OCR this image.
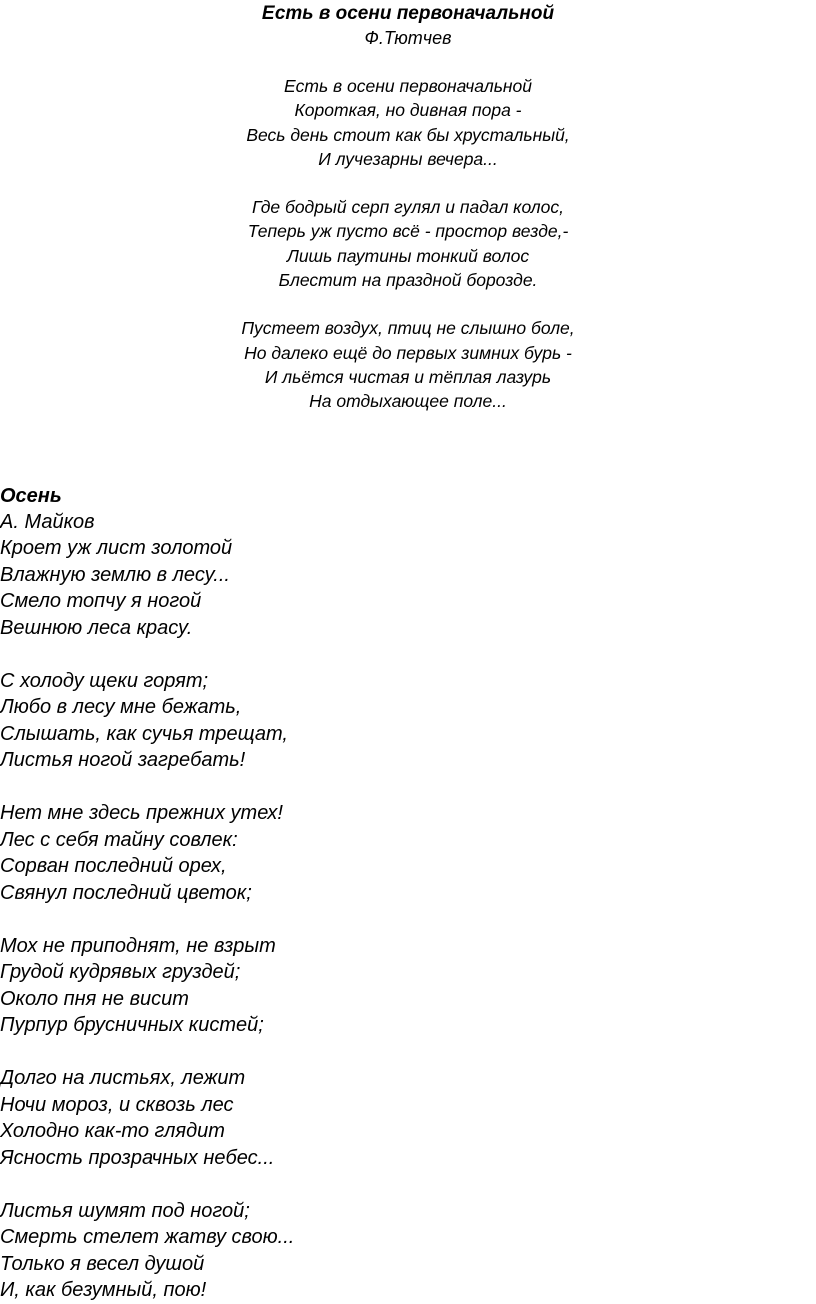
Есть в осени первоначальной
Ф.Тютчев
Есть в осени первоначальной
Короткая, но дивная пора -
Весь день стоит как бы хрустальный,
И лучезарны вечера...
Где бодрый серп гулял и падал колос,
Теперь уж пусто всё - простор везде,-
Лишь паутины тонкий волос
Блестит на праздной борозде.
Пустеет воздух, птиц не слышно боле,
Но далеко ещё до первых зимних бурь -
И льётся чистая и тёплая лазурь
На отдыхающее поле...
Осень
А. Майков
Кроет уж лист золотой
Влажную землю в лесу...
Смело топчу я ногой
Вешнюю леса красу.
С холоду щеки горят;
Любо в лесу мне бежать,
Слышать, как сучья трещат,
Листья ногой загребать!
Нет мне здесь прежних утех!
Лес с себя тайну совлек:
Сорван последний орех,
Свянул последний цветок;
Мох не приподнят, не взрыт
Грудой кудрявых груздей;
Около пня не висит
Пурпур брусничных кистей;
Долго на листьях, лежит
Ночи мороз, и сквозь лес
Холодно как-то глядит
Ясность прозрачных небес...
Листья шумят под ногой;
Смерть стелет жатву свою...
Только я весел душой
И, как безумный, пою!
